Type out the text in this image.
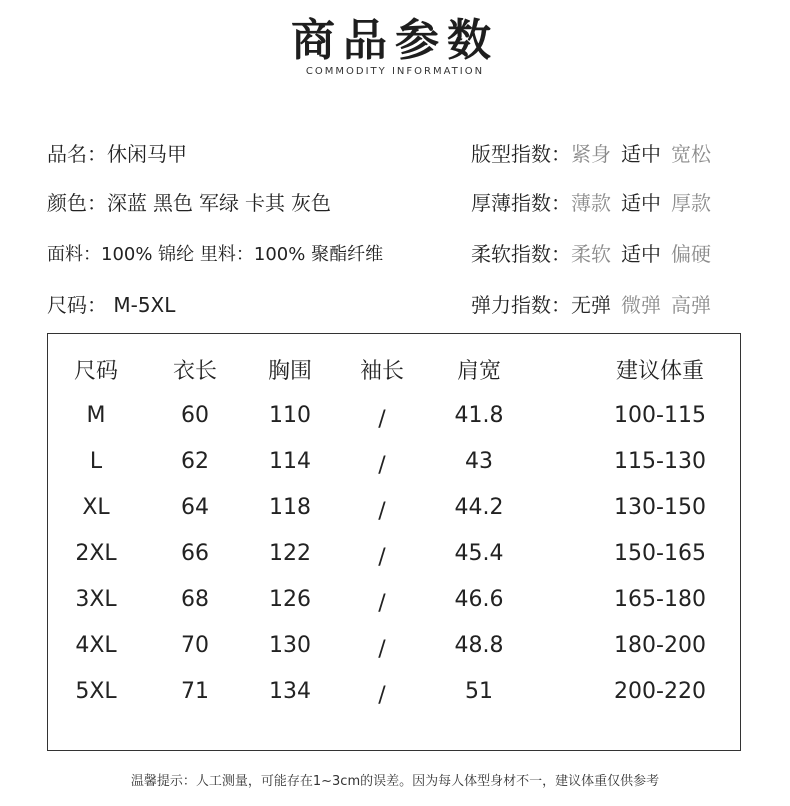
商品参数
COMMODITY INFORMATION
品名：休闲马甲
颜色：深蓝 黑色 军绿 卡其 灰色
面料：100% 锦纶 里料：100% 聚酯纤维
尺码： M-5XL
版型指数：紧身 适中 宽松
厚薄指数：薄款 适中 厚款
柔软指数：柔软 适中 偏硬
弹力指数：无弹 微弹 高弹
尺码 衣长 胸围 袖长 肩宽	建议体重
M	60	110	/	41.8	100-115
L	62	114	/	43	115-130
XL	64	118	/	44.2	130-150
2XL	66	122	/	45.4	150-165
3XL	68	126	/	46.6	165-180
4XL	70	130	/	48.8	180-200
5XL	71	134	/	51	200-220
温馨提示：人工测量，可能存在1~3cm的误差。因为每人体型身材不一，建议体重仅供参考
